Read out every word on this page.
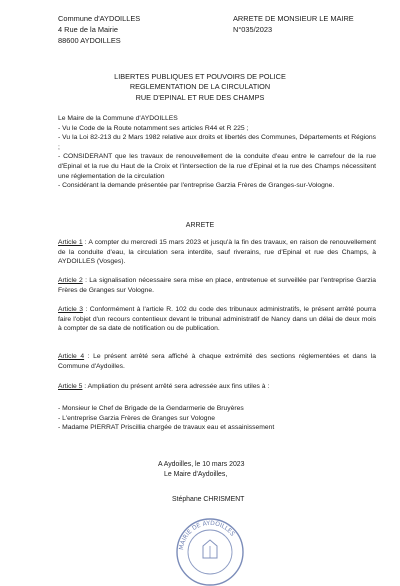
Commune d'AYDOILLES
4 Rue de la Mairie
88600 AYDOILLES
ARRETE DE MONSIEUR LE MAIRE
N°035/2023
LIBERTES PUBLIQUES ET POUVOIRS DE POLICE
REGLEMENTATION DE LA CIRCULATION
RUE D'EPINAL ET RUE DES CHAMPS

Le Maire de la Commune d'AYDOILLES

- Vu le Code de la Route notamment ses articles R44 et R 225 ;

- Vu la Loi 82-213 du 2 Mars 1982 relative aux droits et libertés des Communes, Départements et Régions ;

- CONSIDERANT que les travaux de renouvellement de la conduite d'eau entre le carrefour de la rue d'Epinal et la rue du Haut de la Croix et l'intersection de la rue d'Epinal et la rue des Champs nécessitent une réglementation de la circulation

- Considérant la demande présentée par l'entreprise Garzia Frères de Granges-sur-Vologne.

ARRETE

Article 1 : A compter du mercredi 15 mars 2023 et jusqu'à la fin des travaux, en raison de renouvellement de la conduite d'eau, la circulation sera interdite, sauf riverains, rue d'Epinal et rue des Champs, à AYDOILLES (Vosges).

Article 2 : La signalisation nécessaire sera mise en place, entretenue et surveillée par l'entreprise Garzia Frères de Granges sur Vologne.

Article 3 : Conformément à l'article R. 102 du code des tribunaux administratifs, le présent arrêté pourra faire l'objet d'un recours contentieux devant le tribunal administratif de Nancy dans un délai de deux mois à compter de sa date de notification ou de publication.

Article 4 : Le présent arrêté sera affiché à chaque extrémité des sections réglementées et dans la Commune d'Aydoilles.

Article 5 : Ampliation du présent arrêté sera adressée aux fins utiles à :

- Monsieur le Chef de Brigade de la Gendarmerie de Bruyères

- L'entreprise Garzia Frères de Granges sur Vologne

- Madame PIERRAT Priscillia chargée de travaux eau et assainissement

A Aydoilles, le 10 mars 2023
Le Maire d'Aydoilles,
Stéphane CHRISMENT
MAIRIE DE AYDOILLES
